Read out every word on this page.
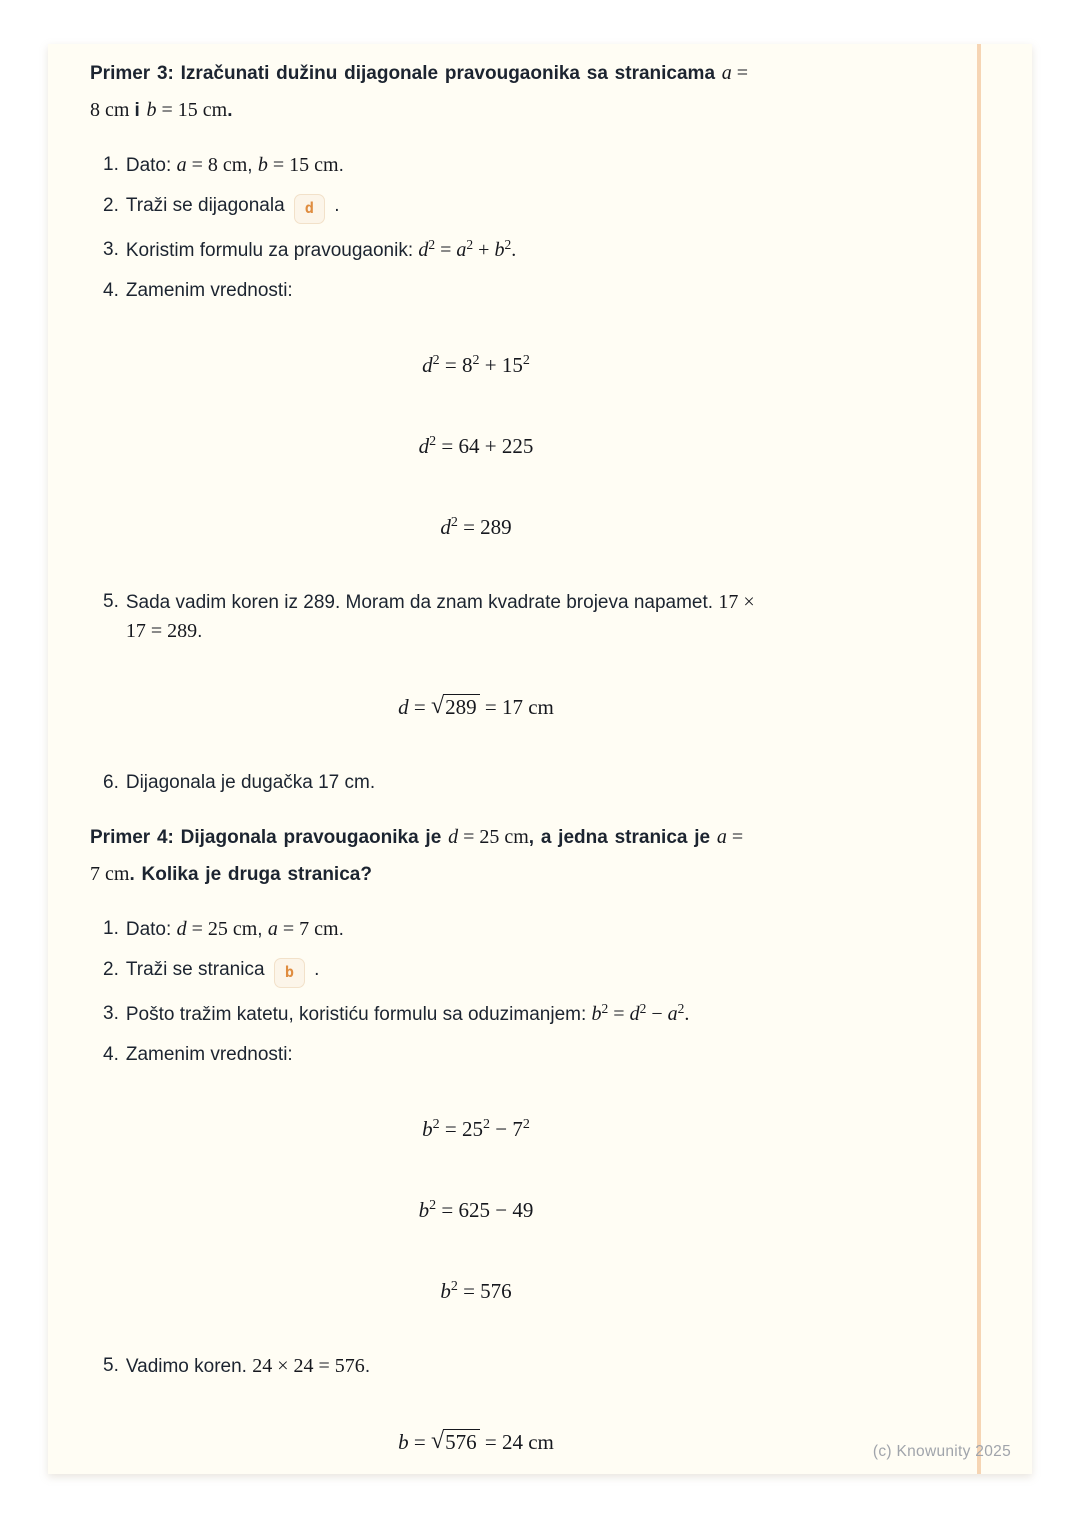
Primer 3: Izračunati dužinu dijagonale pravougaonika sa stranicama a =
8 cm i b = 15 cm.
1. Dato: a = 8 cm, b = 15 cm.
2. Traži se dijagonala d .
3. Koristim formulu za pravougaonik: d2 = a2 + b2.
4. Zamenim vrednosti:
d2 = 82 + 152
d2 = 64 + 225
d2 = 289
5. Sada vadim koren iz 289. Moram da znam kvadrate brojeva napamet. 17 ×
17 = 289.
d = √289 = 17 cm
6. Dijagonala je dugačka 17 cm.
Primer 4: Dijagonala pravougaonika je d = 25 cm, a jedna stranica je a =
7 cm. Kolika je druga stranica?
1. Dato: d = 25 cm, a = 7 cm.
2. Traži se stranica b .
3. Pošto tražim katetu, koristiću formulu sa oduzimanjem: b2 = d2 − a2.
4. Zamenim vrednosti:
b2 = 252 − 72
b2 = 625 − 49
b2 = 576
5. Vadimo koren. 24 × 24 = 576.
b = √576 = 24 cm	(c) Knowunity 2025
